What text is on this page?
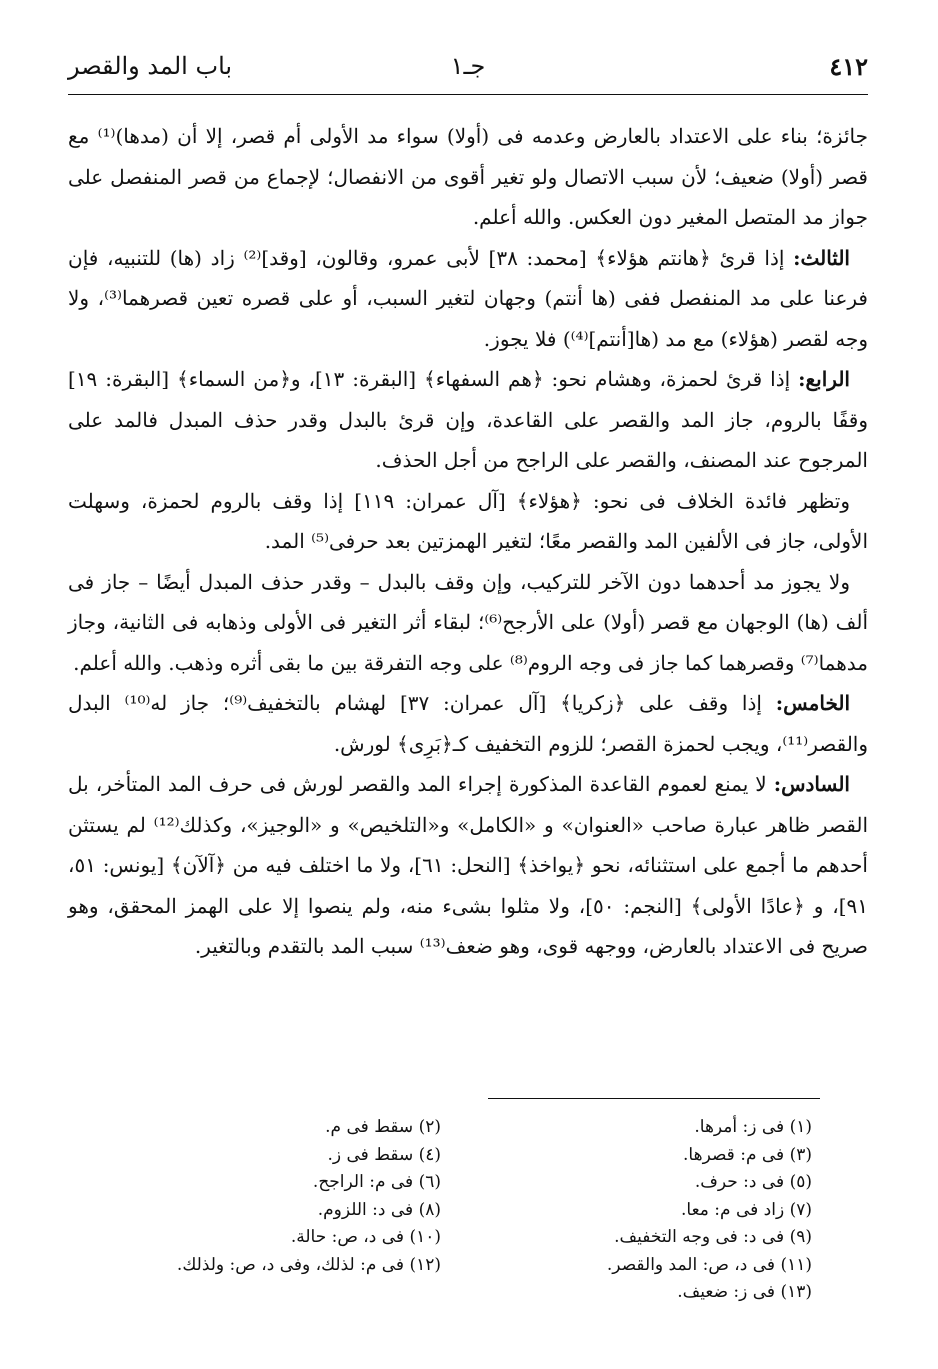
٤١٢
جـ١
باب المد والقصر

جائزة؛ بناء على الاعتداد بالعارض وعدمه فى (أولا) سواء مد الأولى أم قصر، إلا أن (مدها)⁽¹⁾ مع قصر (أولا) ضعيف؛ لأن سبب الاتصال ولو تغير أقوى من الانفصال؛ لإجماع من قصر المنفصل على جواز مد المتصل المغير دون العكس. والله أعلم.

الثالث: إذا قرئ ﴿هانتم هؤلاء﴾ [محمد: ٣٨] لأبى عمرو، وقالون، [وقد]⁽²⁾ زاد (ها) للتنبيه، فإن فرعنا على مد المنفصل ففى (ها أنتم) وجهان لتغير السبب، أو على قصره تعين قصرهما⁽³⁾، ولا وجه لقصر (هؤلاء) مع مد (ها[أنتم]⁽⁴⁾) فلا يجوز.

الرابع: إذا قرئ لحمزة، وهشام نحو: ﴿هم السفهاء﴾ [البقرة: ١٣]، و﴿من السماء﴾ [البقرة: ١٩] وقفًا بالروم، جاز المد والقصر على القاعدة، وإن قرئ بالبدل وقدر حذف المبدل فالمد على المرجوح عند المصنف، والقصر على الراجح من أجل الحذف.

وتظهر فائدة الخلاف فى نحو: ﴿هؤلاء﴾ [آل عمران: ١١٩] إذا وقف بالروم لحمزة، وسهلت الأولى، جاز فى الألفين المد والقصر معًا؛ لتغير الهمزتين بعد حرفى⁽⁵⁾ المد.

ولا يجوز مد أحدهما دون الآخر للتركيب، وإن وقف بالبدل – وقدر حذف المبدل أيضًا – جاز فى ألف (ها) الوجهان مع قصر (أولا) على الأرجح⁽⁶⁾؛ لبقاء أثر التغير فى الأولى وذهابه فى الثانية، وجاز مدهما⁽⁷⁾ وقصرهما كما جاز فى وجه الروم⁽⁸⁾ على وجه التفرقة بين ما بقى أثره وذهب. والله أعلم.

الخامس: إذا وقف على ﴿زكريا﴾ [آل عمران: ٣٧] لهشام بالتخفيف⁽⁹⁾؛ جاز له⁽¹⁰⁾ البدل والقصر⁽¹¹⁾، ويجب لحمزة القصر؛ للزوم التخفيف كـ﴿بَرِى﴾ لورش.

السادس: لا يمنع لعموم القاعدة المذكورة إجراء المد والقصر لورش فى حرف المد المتأخر، بل القصر ظاهر عبارة صاحب «العنوان» و «الكامل» و«التلخيص» و «الوجيز»، وكذلك⁽¹²⁾ لم يستثن أحدهم ما أجمع على استثنائه، نحو ﴿يواخذ﴾ [النحل: ٦١]، ولا ما اختلف فيه من ﴿آلآن﴾ [يونس: ٥١، ٩١]، و ﴿عادًا الأولى﴾ [النجم: ٥٠]، ولا مثلوا بشىء منه، ولم ينصوا إلا على الهمز المحقق، وهو صريح فى الاعتداد بالعارض، ووجهه قوى، وهو ضعف⁽¹³⁾ سبب المد بالتقدم وبالتغير.

(١) فى ز: أمرها.
(٢) سقط فى م.
(٣) فى م: قصرها.
(٤) سقط فى ز.
(٥) فى د: حرف.
(٦) فى م: الراجح.
(٧) زاد فى م: معا.
(٨) فى د: اللزوم.
(٩) فى د: فى وجه التخفيف.
(١٠) فى د، ص: حالة.
(١١) فى د، ص: المد والقصر.
(١٢) فى م: لذلك، وفى د، ص: ولذلك.
(١٣) فى ز: ضعيف.
